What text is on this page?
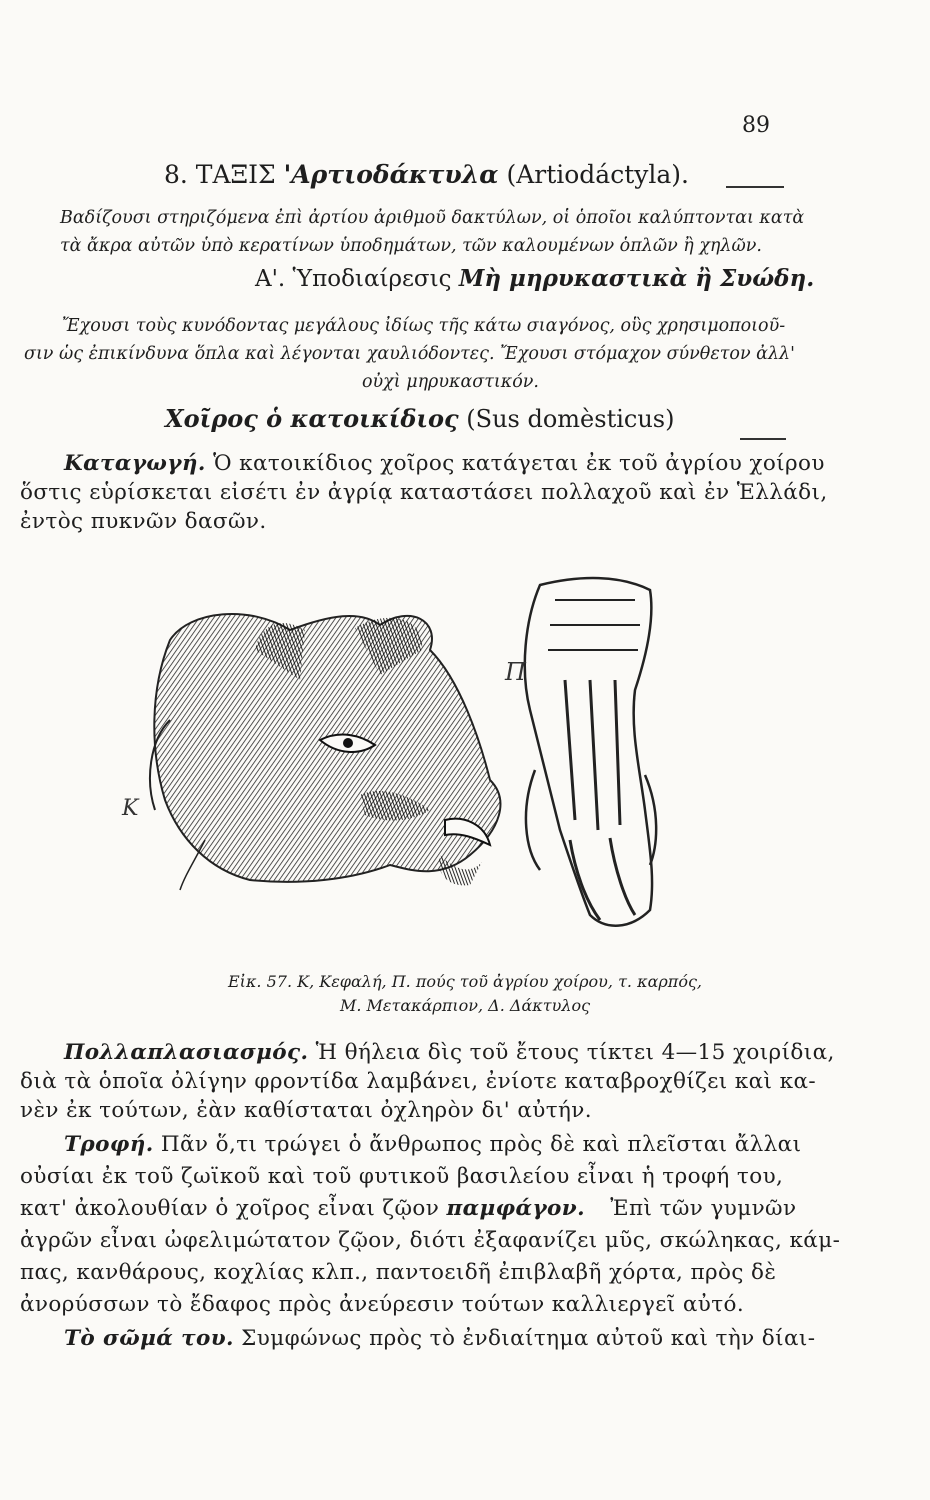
89
8. ΤΑΞΙΣ 'Αρτιοδάκτυλα (Artiodáctyla).
Βαδίζουσι στηριζόμενα ἐπὶ ἀρτίου ἀριθμοῦ δακτύλων, οἱ ὁποῖοι καλύπτονται κατὰ
τὰ ἄκρα αὐτῶν ὑπὸ κερατίνων ὑποδημάτων, τῶν καλουμένων ὁπλῶν ἢ χηλῶν.
Α'. Ὑποδιαίρεσις Μὴ μηρυκαστικὰ ἢ Συώδη.
Ἔχουσι τοὺς κυνόδοντας μεγάλους ἰδίως τῆς κάτω σιαγόνος, οὓς χρησιμοποιοῦ-
σιν ὡς ἐπικίνδυνα ὅπλα καὶ λέγονται χαυλιόδοντες. Ἔχουσι στόμαχον σύνθετον ἀλλ'
οὐχὶ μηρυκαστικόν.
Χοῖρος ὁ κατοικίδιος (Sus domèsticus)
Καταγωγή. Ὁ κατοικίδιος χοῖρος κατάγεται ἐκ τοῦ ἀγρίου χοίρου
ὅστις εὑρίσκεται εἰσέτι ἐν ἀγρίᾳ καταστάσει πολλαχοῦ καὶ ἐν Ἑλλάδι,
ἐντὸς πυκνῶν δασῶν.
Κ
Π
Εἰκ. 57. Κ, Κεφαλή, Π. πούς τοῦ ἀγρίου χοίρου, τ. καρπός,
Μ. Μετακάρπιον, Δ. Δάκτυλος
Πολλαπλασιασμός. Ἡ θήλεια δὶς τοῦ ἔτους τίκτει 4—15 χοιρίδια,
διὰ τὰ ὁποῖα ὀλίγην φροντίδα λαμβάνει, ἐνίοτε καταβροχθίζει καὶ κα-
νὲν ἐκ τούτων, ἐὰν καθίσταται ὀχληρὸν δι' αὐτήν.
Τροφή. Πᾶν ὅ,τι τρώγει ὁ ἄνθρωπος πρὸς δὲ καὶ πλεῖσται ἄλλαι
οὐσίαι ἐκ τοῦ ζωϊκοῦ καὶ τοῦ φυτικοῦ βασιλείου εἶναι ἡ τροφή του,
κατ' ἀκολουθίαν ὁ χοῖρος εἶναι ζῷον παμφάγον. Ἐπὶ τῶν γυμνῶν
ἀγρῶν εἶναι ὠφελιμώτατον ζῷον, διότι ἐξαφανίζει μῦς, σκώληκας, κάμ-
πας, κανθάρους, κοχλίας κλπ., παντοειδῆ ἐπιβλαβῆ χόρτα, πρὸς δὲ
ἀνορύσσων τὸ ἔδαφος πρὸς ἀνεύρεσιν τούτων καλλιεργεῖ αὐτό.
Τὸ σῶμά του. Συμφώνως πρὸς τὸ ἐνδιαίτημα αὐτοῦ καὶ τὴν δίαι-
